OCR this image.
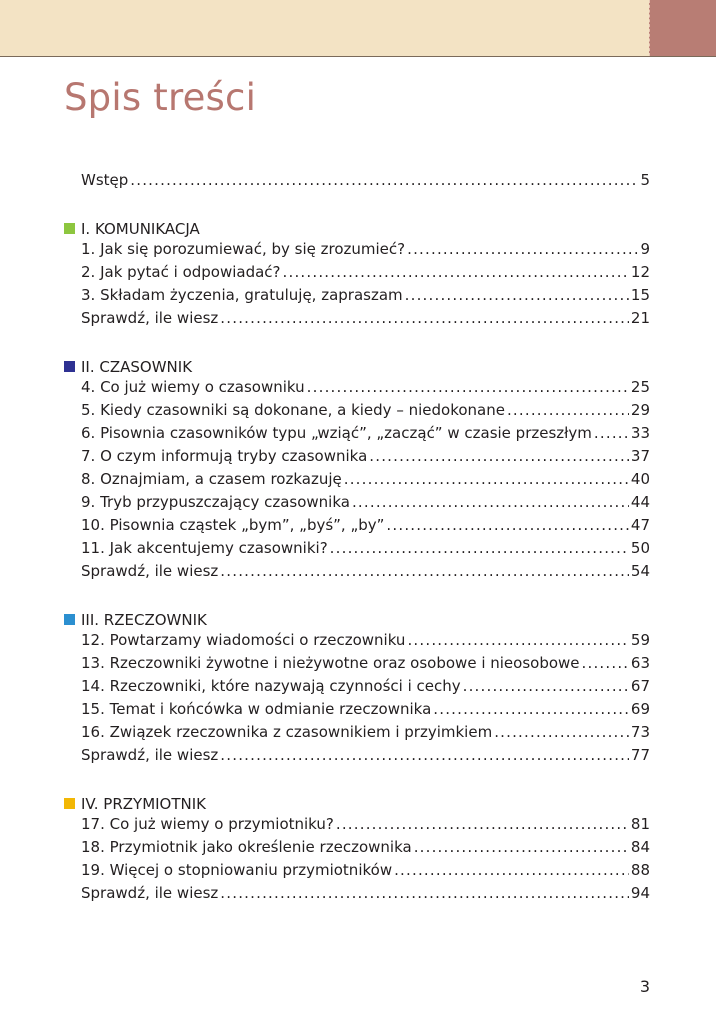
Spis treści
Wstęp .....	5
I. KOMUNIKACJA
1. Jak się porozumiewać, by się zrozumieć? .....	9
2. Jak pytać i odpowiadać? .....	12
3. Składam życzenia, gratuluję, zapraszam .....	15
Sprawdź, ile wiesz .....	21
II. CZASOWNIK
4. Co już wiemy o czasowniku .....	25
5. Kiedy czasowniki są dokonane, a kiedy – niedokonane .....	29
6. Pisownia czasowników typu „wziąć”, „zacząć” w czasie przeszłym .....	33
7. O czym informują tryby czasownika .....	37
8. Oznajmiam, a czasem rozkazuję .....	40
9. Tryb przypuszczający czasownika .....	44
10. Pisownia cząstek „bym”, „byś”, „by” .....	47
11. Jak akcentujemy czasowniki? .....	50
Sprawdź, ile wiesz .....	54
III. RZECZOWNIK
12. Powtarzamy wiadomości o rzeczowniku .....	59
13. Rzeczowniki żywotne i nieżywotne oraz osobowe i nieosobowe .....	63
14. Rzeczowniki, które nazywają czynności i cechy .....	67
15. Temat i końcówka w odmianie rzeczownika .....	69
16. Związek rzeczownika z czasownikiem i przyimkiem .....	73
Sprawdź, ile wiesz .....	77
IV. PRZYMIOTNIK
17. Co już wiemy o przymiotniku? .....	81
18. Przymiotnik jako określenie rzeczownika .....	84
19. Więcej o stopniowaniu przymiotników .....	88
Sprawdź, ile wiesz .....	94
3
